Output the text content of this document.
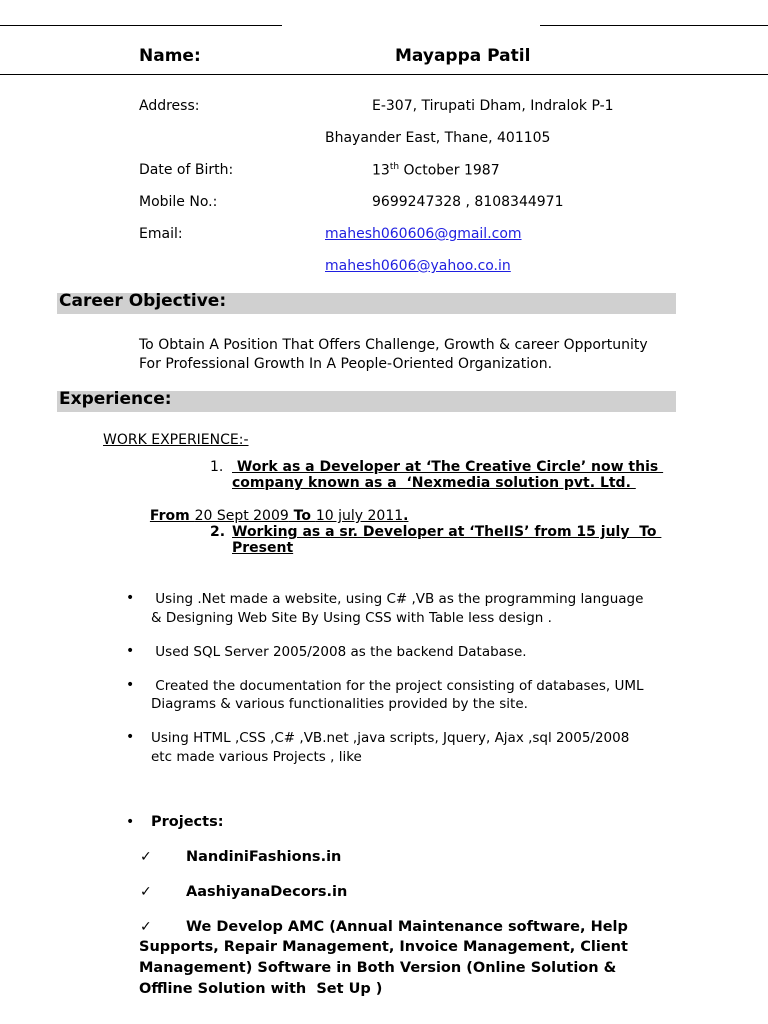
Name:	Mayappa Patil
Address:	E-307, Tirupati Dham, Indralok P-1
Bhayander East, Thane, 401105
Date of Birth:	13th October 1987
Mobile No.:	9699247328 , 8108344971
Email:	mahesh060606@gmail.com
mahesh0606@yahoo.co.in
Career Objective:
To Obtain A Position That Offers Challenge, Growth & career Opportunity
For Professional Growth In A People-Oriented Organization.
Experience:
WORK EXPERIENCE:-
1. Work as a Developer at ‘The Creative Circle’ now this
company known as a  ‘Nexmedia solution pvt. Ltd.

From 20 Sept 2009 To 10 july 2011.

2. Working as a sr. Developer at ‘TheIIS’ from 15 july  To
Present
• Using .Net made a website, using C# ,VB as the programming language
& Designing Web Site By Using CSS with Table less design .
• Used SQL Server 2005/2008 as the backend Database.
• Created the documentation for the project consisting of databases, UML
Diagrams & various functionalities provided by the site.
• Using HTML ,CSS ,C# ,VB.net ,java scripts, Jquery, Ajax ,sql 2005/2008
etc made various Projects , like
• Projects:
✓ NandiniFashions.in
✓ AashiyanaDecors.in
✓ We Develop AMC (Annual Maintenance software, Help
Supports, Repair Management, Invoice Management, Client
Management) Software in Both Version (Online Solution &
Offline Solution with  Set Up )
